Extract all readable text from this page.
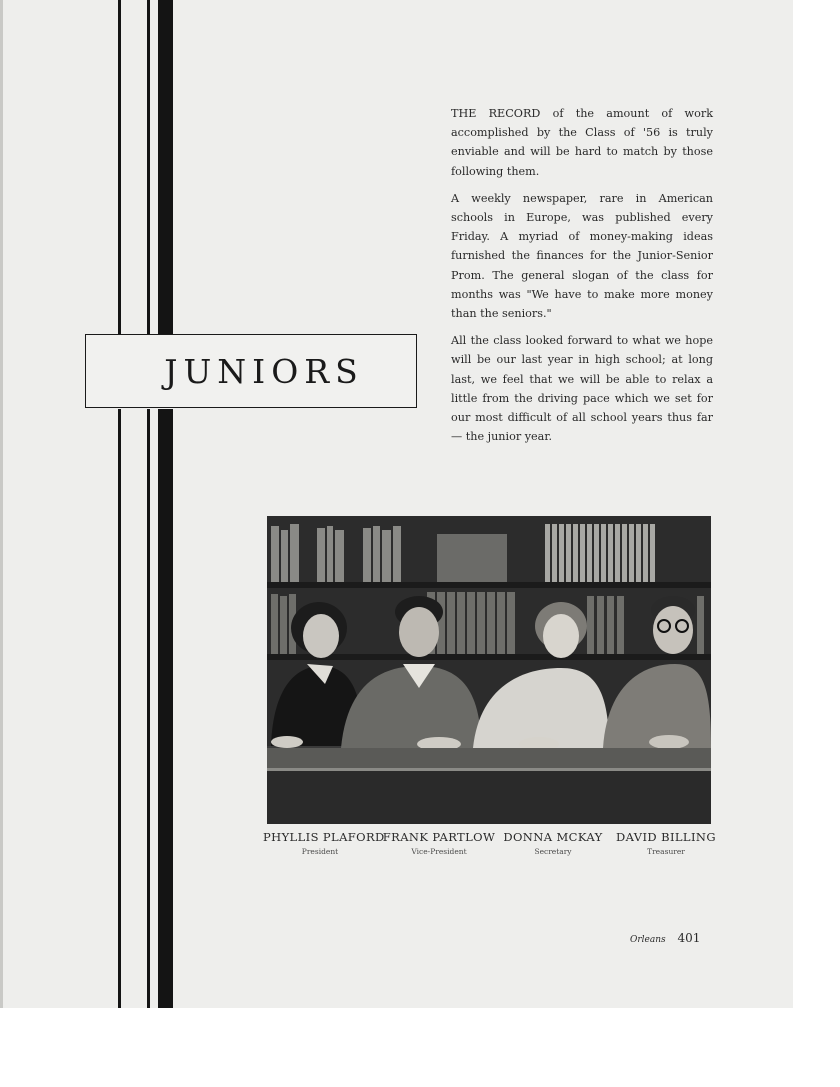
JUNIORS

THE RECORD of the amount of work accomplished by the Class of '56 is truly enviable and will be hard to match by those following them.

A weekly newspaper, rare in American schools in Europe, was published every Friday. A myriad of money-making ideas furnished the finances for the Junior-Senior Prom. The general slogan of the class for months was "We have to make more money than the seniors."

All the class looked forward to what we hope will be our last year in high school; at long last, we feel that we will be able to relax a little from the driving pace which we set for our most difficult of all school years thus far — the junior year.

PHYLLIS PLAFORD
President
FRANK PARTLOW
Vice-President
DONNA MCKAY
Secretary
DAVID BILLING
Treasurer
Orleans 401
